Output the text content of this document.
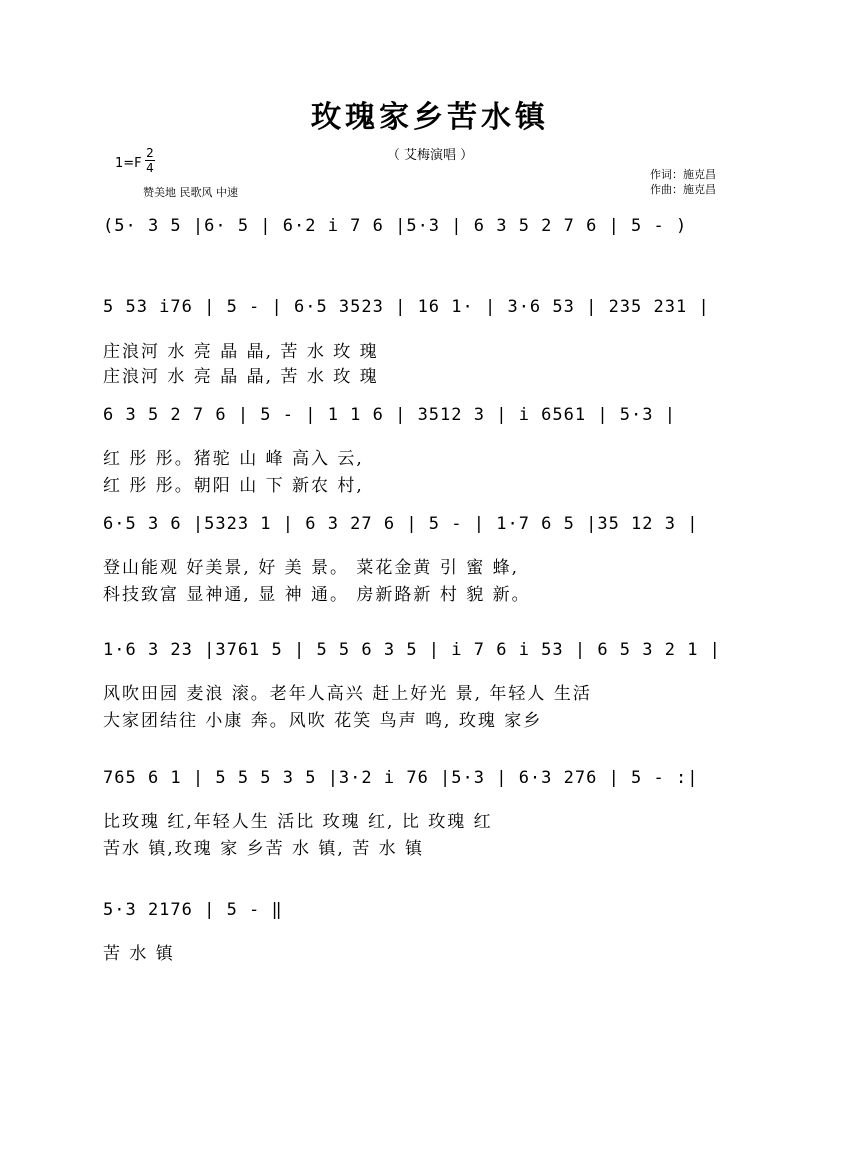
玫瑰家乡苦水镇
（ 艾梅演唱 ）
1=F
2
4
赞美地 民歌风 中速
作词：施克昌
作曲：施克昌
(5· 3 5 |6· 5 | 6·2 i 7 6 |5·3 | 6 3 5 2 7 6 | 5 - )
5 53 i76 | 5 - | 6·5 3523 | 16 1· | 3·6 53 | 235 231 |
庄浪河 水 亮 晶 晶, 苦 水 玫 瑰
庄浪河 水 亮 晶 晶, 苦 水 玫 瑰
6 3 5 2 7 6 | 5 - | 1 1 6 | 3512 3 | i 6561 | 5·3 |
红 彤 彤。猪驼 山 峰 高入 云,
红 彤 彤。朝阳 山 下 新农 村,
6·5 3 6 |5323 1 | 6 3 27 6 | 5 - | 1·7 6 5 |35 12 3 |
登山能观 好美景, 好 美 景。 菜花金黄 引 蜜 蜂,
科技致富 显神通, 显 神 通。 房新路新 村 貌 新。
1·6 3 23 |3761 5 | 5 5 6 3 5 | i 7 6 i 53 | 6 5 3 2 1 |
风吹田园 麦浪 滚。老年人高兴 赶上好光 景, 年轻人 生活
大家团结往 小康 奔。风吹 花笑 鸟声 鸣, 玫瑰 家乡
765 6 1 | 5 5 5 3 5 |3·2 i 76 |5·3 | 6·3 276 | 5 - :|
比玫瑰 红,年轻人生 活比 玫瑰 红, 比 玫瑰 红
苦水 镇,玫瑰 家 乡苦 水 镇, 苦 水 镇
5·3 2176 | 5 - ‖
苦 水 镇
